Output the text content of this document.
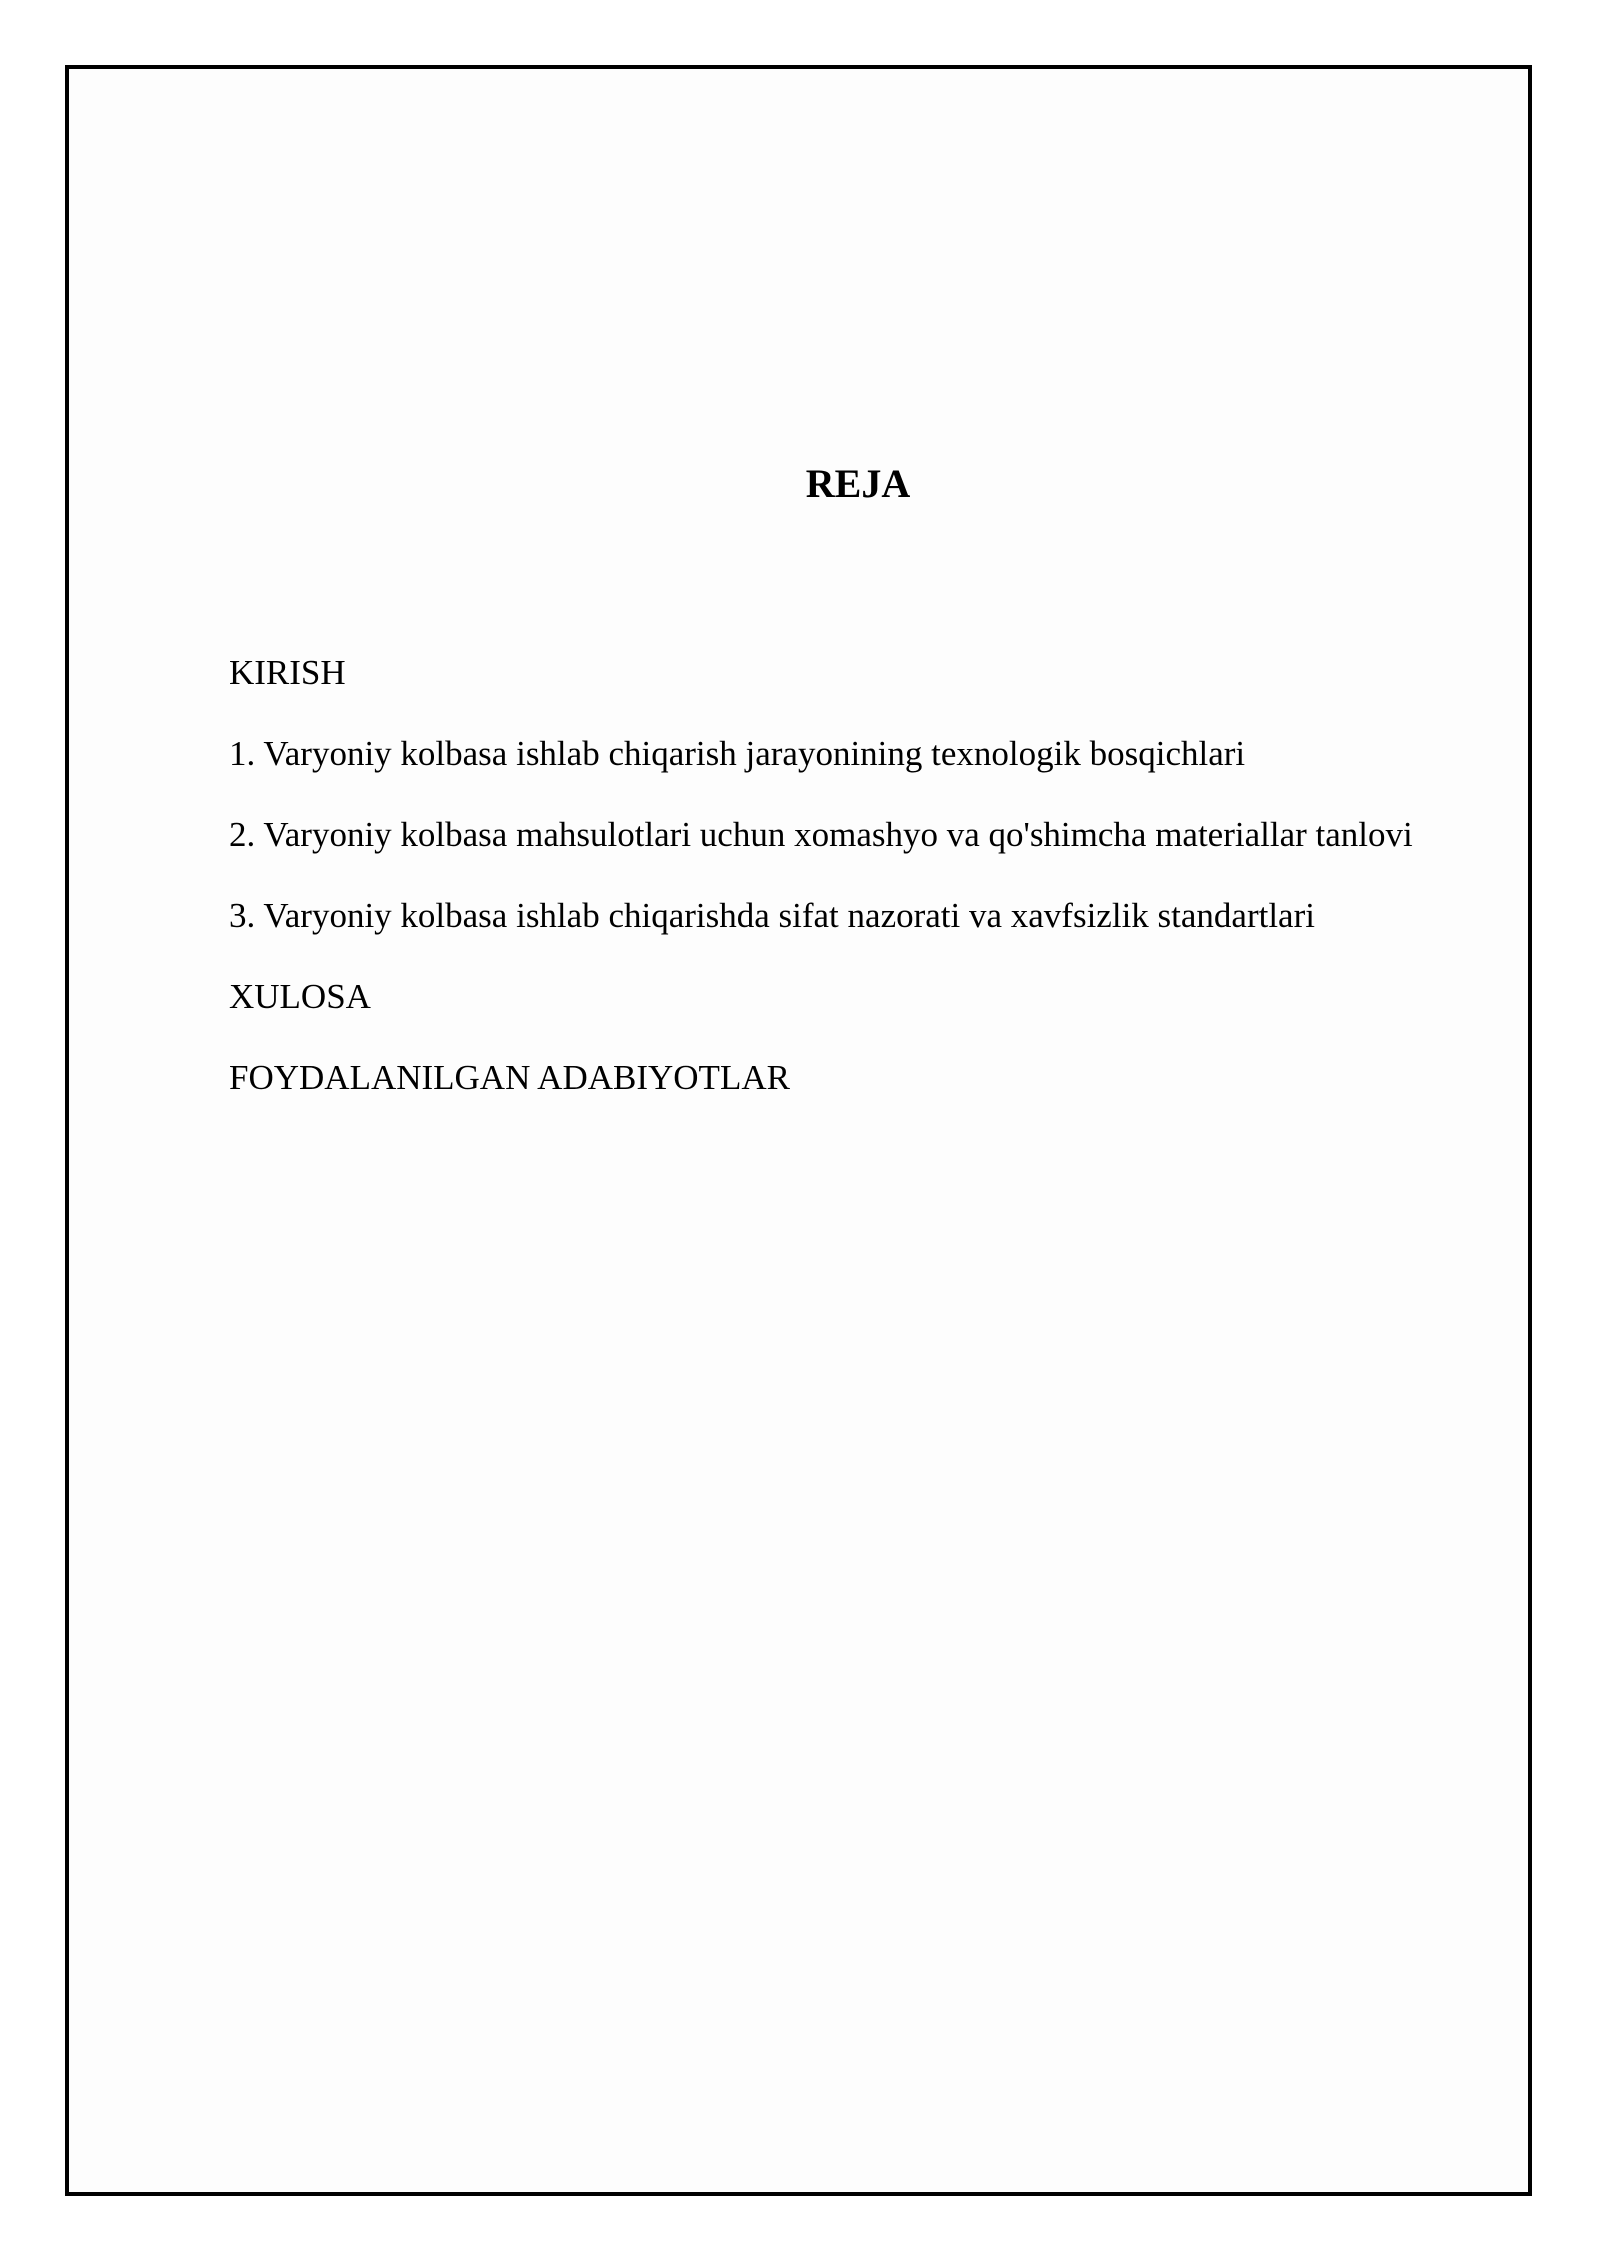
REJA
KIRISH
1. Varyoniy kolbasa ishlab chiqarish jarayonining texnologik bosqichlari
2. Varyoniy kolbasa mahsulotlari uchun xomashyo va qo'shimcha materiallar tanlovi
3. Varyoniy kolbasa ishlab chiqarishda sifat nazorati va xavfsizlik standartlari
XULOSA
FOYDALANILGAN ADABIYOTLAR
